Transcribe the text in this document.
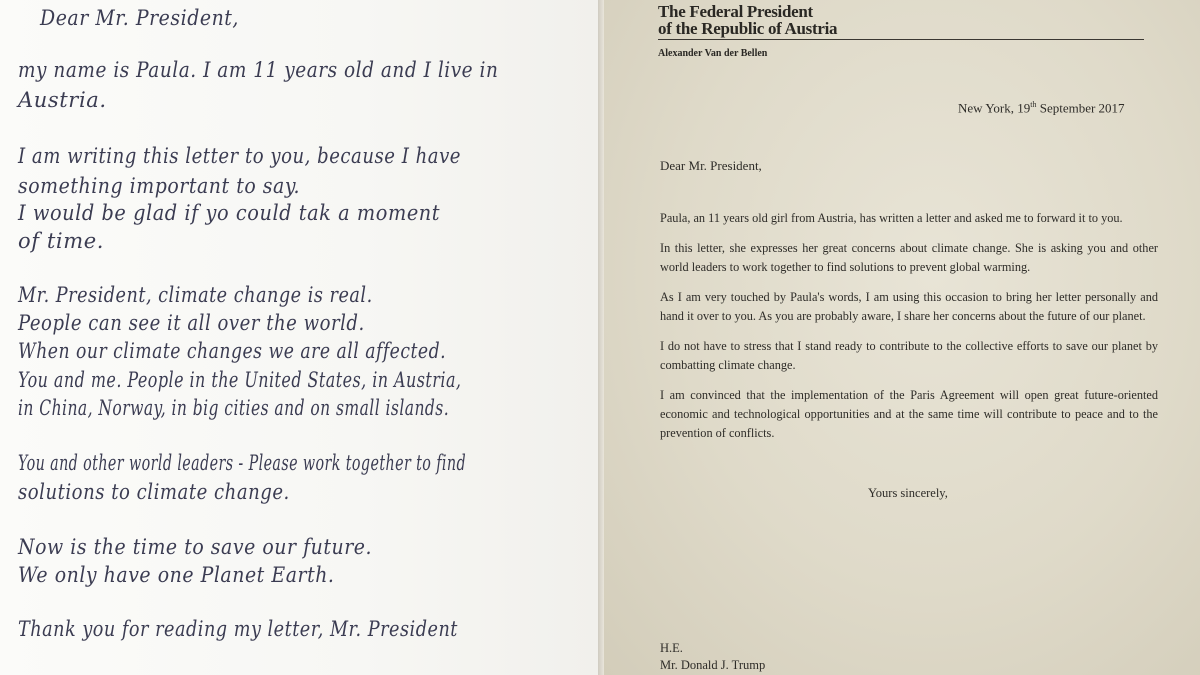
Dear Mr. President,

my name is Paula. I am 11 years old and I live in

Austria.

I am writing this letter to you, because I have

something important to say.

I would be glad if yo could tak a moment

of time.

Mr. President, climate change is real.

People can see it all over the world.

When our climate changes we are all affected.

You and me. People in the United States, in Austria,

in China, Norway, in big cities and on small islands.

You and other world leaders - Please work together to find

solutions to climate change.

Now is the time to save our future.

We only have one Planet Earth.

Thank you for reading my letter, Mr. President

The Federal President
of the Republic of Austria

Alexander Van der Bellen

New York, 19th September 2017

Dear Mr. President,

Paula, an 11 years old girl from Austria, has written a letter and asked me to forward it to you.

In this letter, she expresses her great concerns about climate change. She is asking you and other world leaders to work together to find solutions to prevent global warming.

As I am very touched by Paula's words, I am using this occasion to bring her letter personally and hand it over to you. As you are probably aware, I share her concerns about the future of our planet.

I do not have to stress that I stand ready to contribute to the collective efforts to save our planet by combatting climate change.

I am convinced that the implementation of the Paris Agreement will open great future-oriented economic and technological opportunities and at the same time will contribute to peace and to the prevention of conflicts.

Yours sincerely,

H.E.

Mr. Donald J. Trump
